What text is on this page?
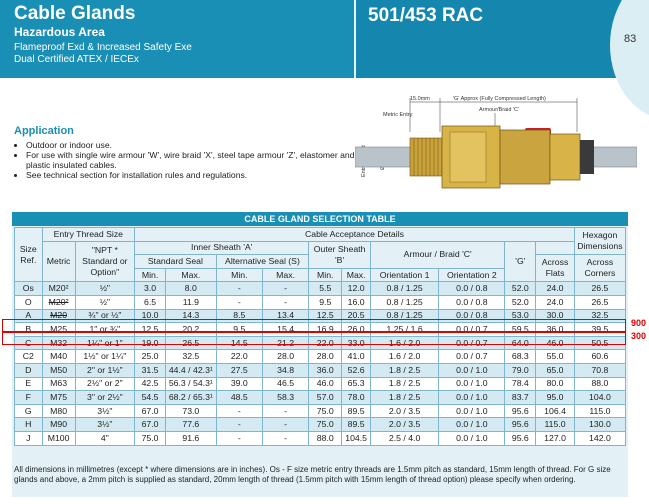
83
Cable Glands
Hazardous Area
Flameproof Exd & Increased Safety Exe
Dual Certified ATEX / IECEx
501/453 RAC
Application
• Outdoor or indoor use.
• For use with single wire armour 'W', wire braid 'X', steel tape armour 'Z', elastomer and plastic insulated cables.
• See technical section for installation rules and regulations.
15.0mm	'G' Approx (Fully Compressed Length)
Armour/Braid 'C'
Metric Entry
CABLE GLAND SELECTION TABLE
Size Ref.	Entry Thread Size		Cable Acceptance Details										Hexagon Dimensions
	Metric	"NPT * Standard or Option"	Inner Sheath 'A'				Outer Sheath 'B'		Armour / Braid 'C'		'G'		
			Standard Seal		Alternative Seal (S)							Across Flats	Across Corners
			Min.	Max.	Min.	Max.	Min.	Max.	Orientation 1	Orientation 2			
Os	M20²	½"	3.0	8.0	-	-	5.5	12.0	0.8 / 1.25	0.0 / 0.8	52.0	24.0	26.5
O	M20²	½"	6.5	11.9	-	-	9.5	16.0	0.8 / 1.25	0.0 / 0.8	52.0	24.0	26.5
A	M20	¾" or ½"	10.0	14.3	8.5	13.4	12.5	20.5	0.8 / 1.25	0.0 / 0.8	53.0	30.0	32.5
B	M25	1" or ¾"	12.5	20.2	9.5	15.4	16.9	26.0	1.25 / 1.6	0.0 / 0.7	59.5	36.0	39.5
C	M32	1¼" or 1"	19.0	26.5	14.5	21.2	22.0	33.0	1.6 / 2.0	0.0 / 0.7	64.0	46.0	50.5
C2	M40	1½" or 1¼"	25.0	32.5	22.0	28.0	28.0	41.0	1.6 / 2.0	0.0 / 0.7	68.3	55.0	60.6
D	M50	2" or 1½"	31.5	44.4 / 42.3¹	27.5	34.8	36.0	52.6	1.8 / 2.5	0.0 / 1.0	79.0	65.0	70.8
E	M63	2½" or 2"	42.5	56.3 / 54.3¹	39.0	46.5	46.0	65.3	1.8 / 2.5	0.0 / 1.0	78.4	80.0	88.0
F	M75	3" or 2½"	54.5	68.2 / 65.3¹	48.5	58.3	57.0	78.0	1.8 / 2.5	0.0 / 1.0	83.7	95.0	104.0
G	M80	3½"	67.0	73.0	-	-	75.0	89.5	2.0 / 3.5	0.0 / 1.0	95.6	106.4	115.0
H	M90	3½"	67.0	77.6	-	-	75.0	89.5	2.0 / 3.5	0.0 / 1.0	95.6	115.0	130.0
J	M100	4"	75.0	91.6	-	-	88.0	104.5	2.5 / 4.0	0.0 / 1.0	95.6	127.0	142.0
900
300
All dimensions in millimetres (except * where dimensions are in inches). Os - F size metric entry threads are 1.5mm pitch as standard, 15mm length of thread. For G size glands and above, a 2mm pitch is supplied as standard, 20mm length of thread (1.5mm pitch with 15mm length of thread option) please specify when ordering.
